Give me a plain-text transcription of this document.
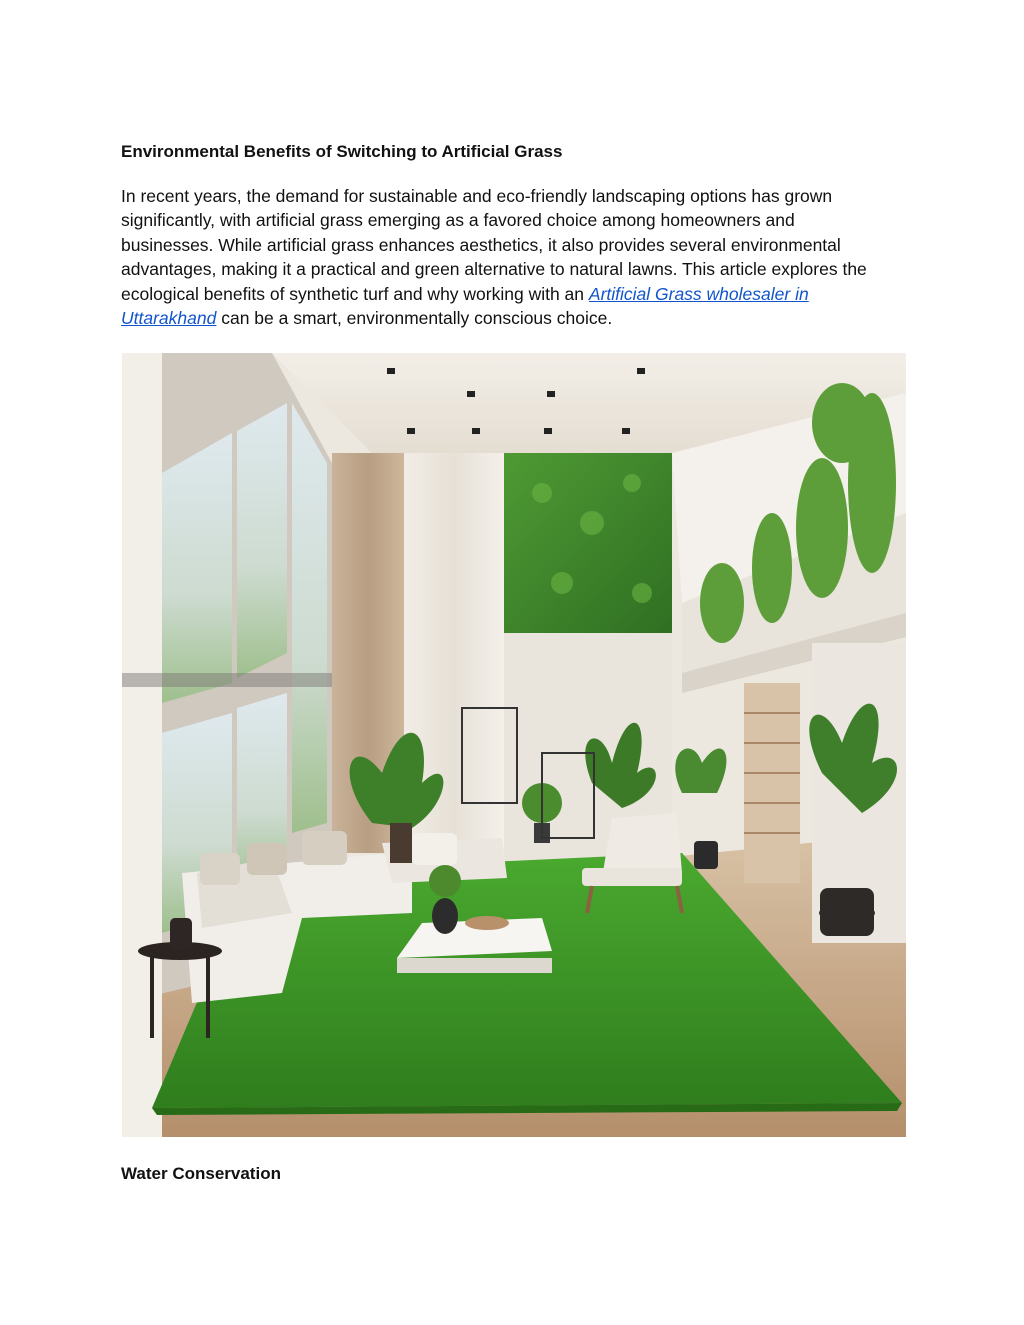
Environmental Benefits of Switching to Artificial Grass

In recent years, the demand for sustainable and eco-friendly landscaping options has grown significantly, with artificial grass emerging as a favored choice among homeowners and businesses. While artificial grass enhances aesthetics, it also provides several environmental advantages, making it a practical and green alternative to natural lawns. This article explores the ecological benefits of synthetic turf and why working with an Artificial Grass wholesaler in Uttarakhand can be a smart, environmentally conscious choice.

Water Conservation
